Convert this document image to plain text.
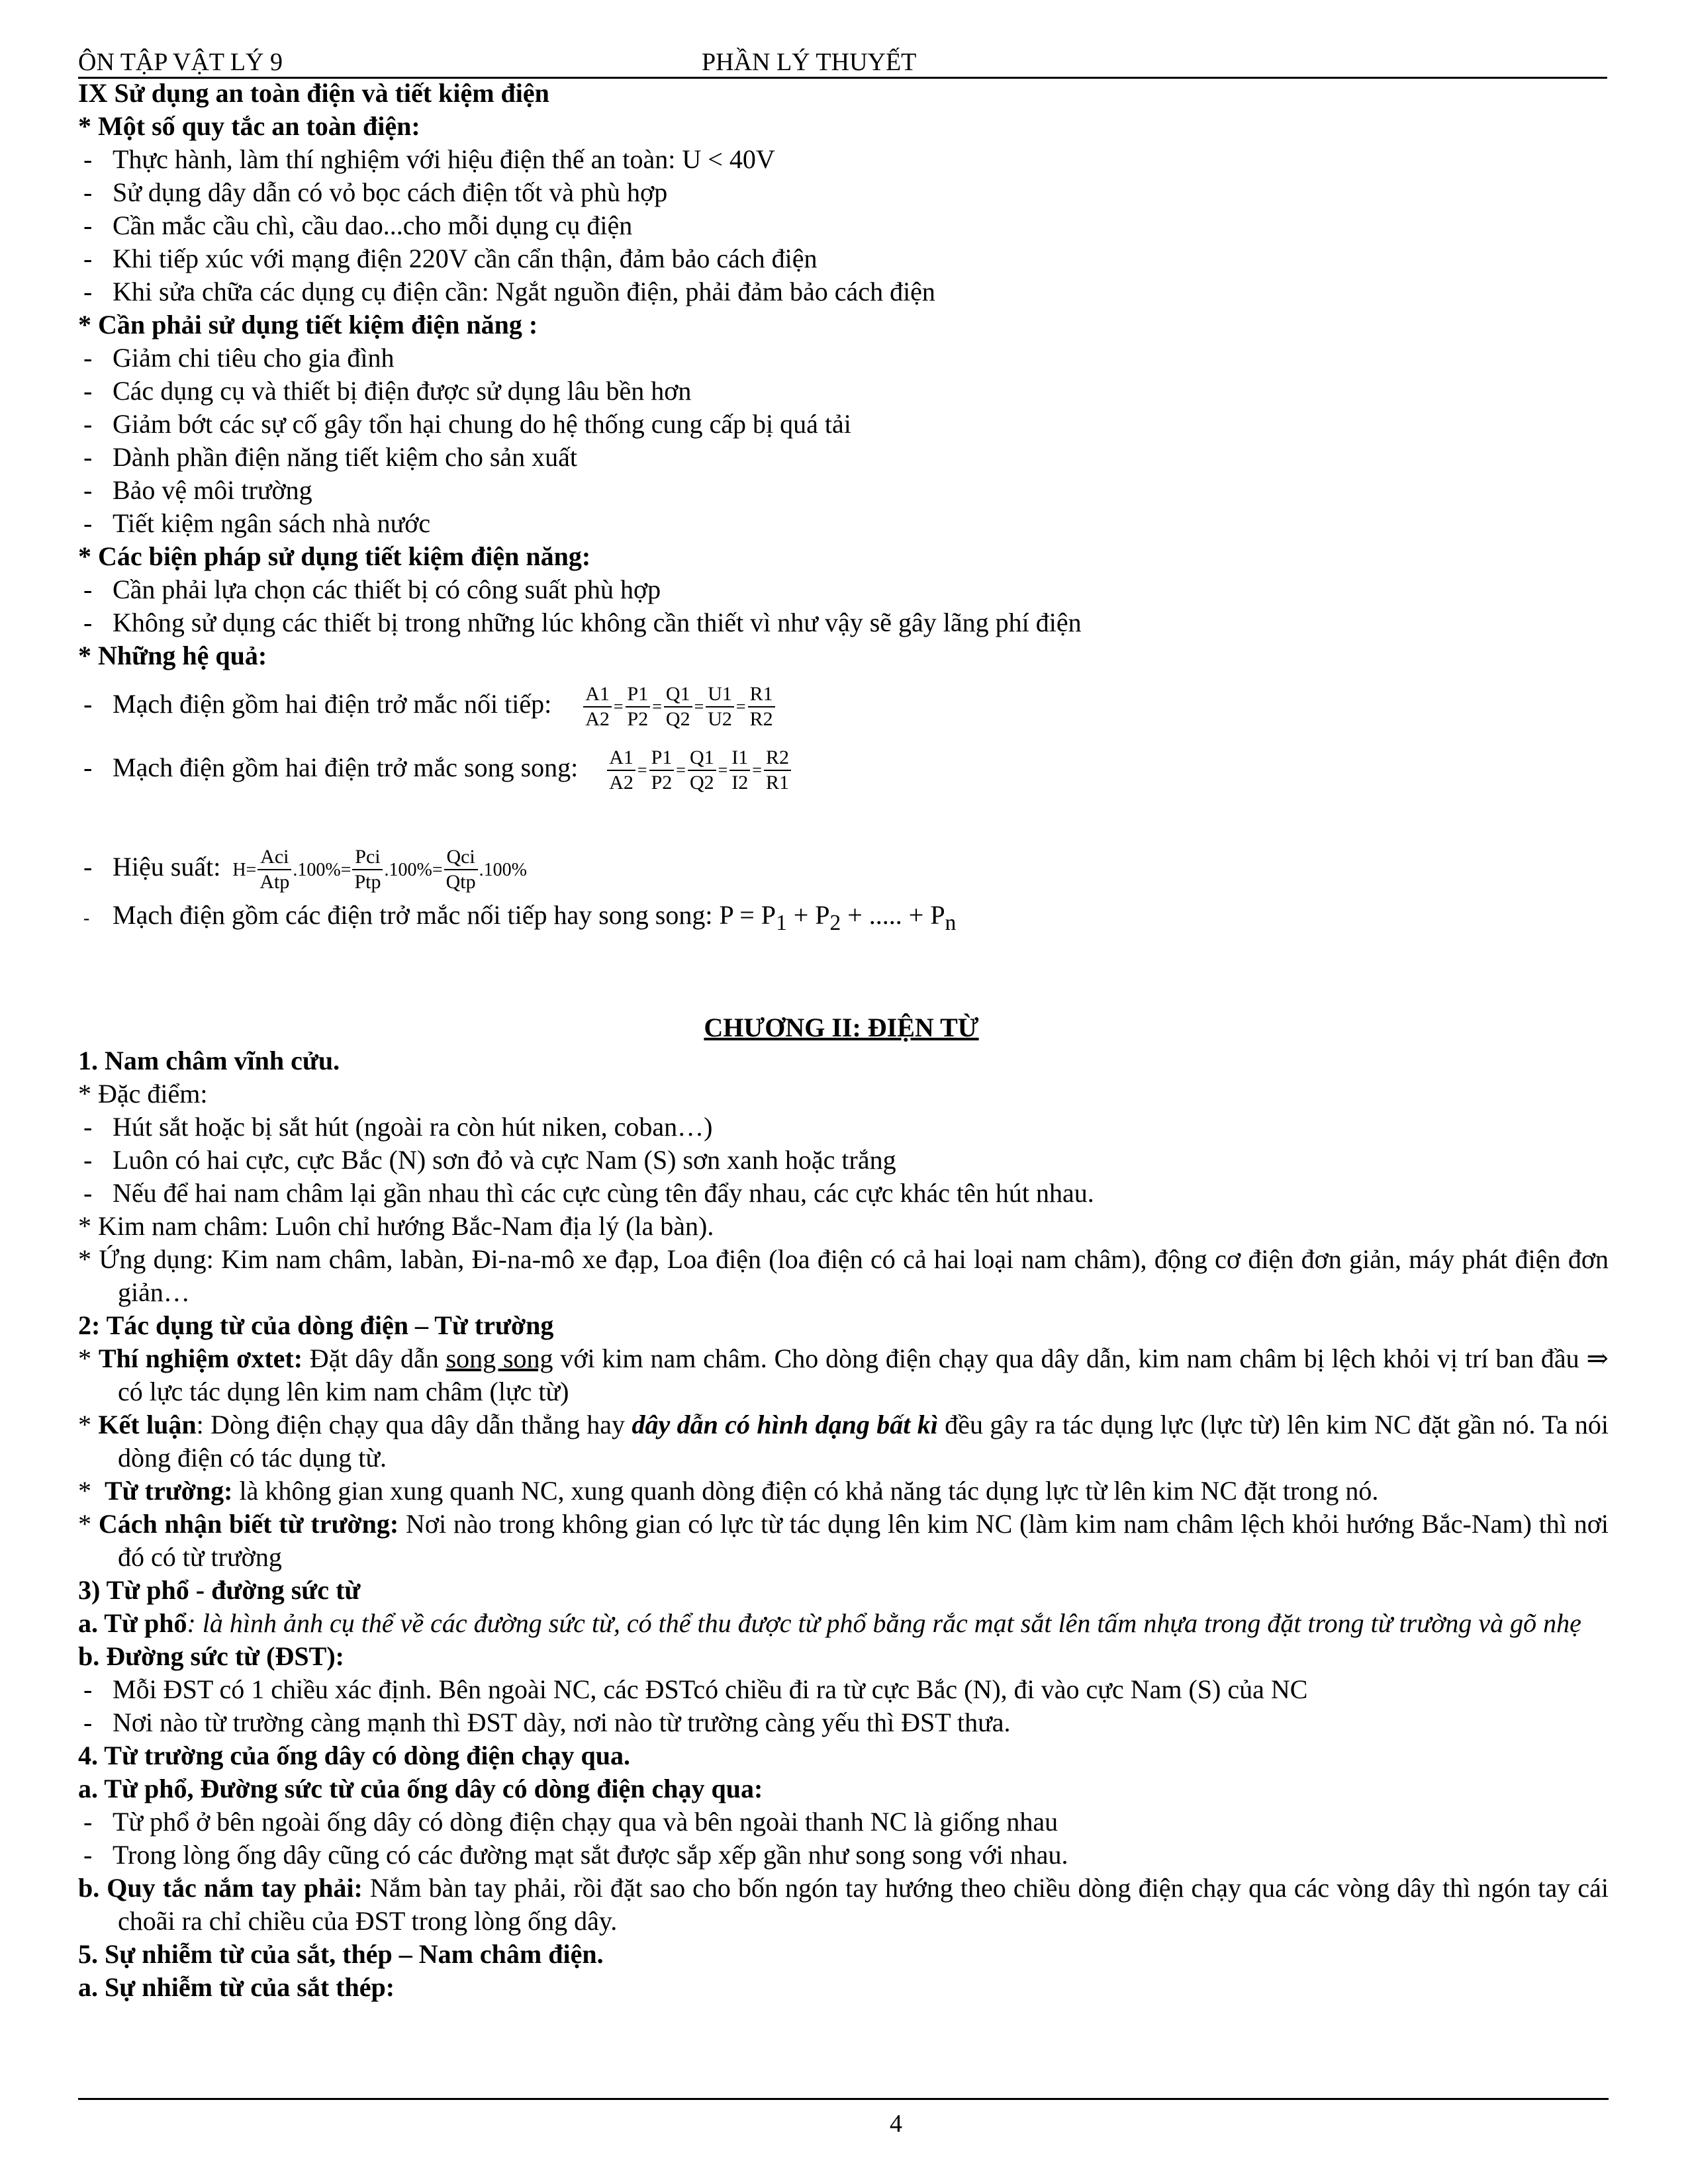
ÔN TẬP VẬT LÝ 9	PHẦN LÝ THUYẾT
IX Sử dụng an toàn điện và tiết kiệm điện
* Một số quy tắc an toàn điện:
- Thực hành, làm thí nghiệm với hiệu điện thế an toàn: U < 40V
- Sử dụng dây dẫn có vỏ bọc cách điện tốt và phù hợp
- Cần mắc cầu chì, cầu dao...cho mỗi dụng cụ điện
- Khi tiếp xúc với mạng điện 220V cần cẩn thận, đảm bảo cách điện
- Khi sửa chữa các dụng cụ điện cần: Ngắt nguồn điện, phải đảm bảo cách điện
* Cần phải sử dụng tiết kiệm điện năng :
- Giảm chi tiêu cho gia đình
- Các dụng cụ và thiết bị điện được sử dụng lâu bền hơn
- Giảm bớt các sự cố gây tổn hại chung do hệ thống cung cấp bị quá tải
- Dành phần điện năng tiết kiệm cho sản xuất
- Bảo vệ môi trường
- Tiết kiệm ngân sách nhà nước
* Các biện pháp sử dụng tiết kiệm điện năng:
- Cần phải lựa chọn các thiết bị có công suất phù hợp
- Không sử dụng các thiết bị trong những lúc không cần thiết vì như vậy sẽ gây lãng phí điện
* Những hệ quả:
- Mạch điện gồm hai điện trở mắc nối tiếp: $\frac{A1}{A2} = \frac{P1}{P2} = \frac{Q1}{Q2} = \frac{U1}{U2} = \frac{R1}{R2}$
- Mạch điện gồm hai điện trở mắc song song: $\frac{A1}{A2} = \frac{P1}{P2} = \frac{Q1}{Q2} = \frac{I1}{I2} = \frac{R2}{R1}$
- Hiệu suất: $H= \frac{\text{Aci}}{\text{Atp}} .100\%= \frac{\text{Pci}}{\text{Ptp}} .100\%= \frac{\text{Qci}}{\text{Qtp}} .100\%$
- Mạch điện gồm các điện trở mắc nối tiếp hay song song: $P = P_1 + P_2$ + ..... + $P_n$
CHƯƠNG II: ĐIỆN TỪ
1. Nam châm vĩnh cửu.
* Đặc điểm:
- Hút sắt hoặc bị sắt hút (ngoài ra còn hút niken, coban…)
- Luôn có hai cực, cực Bắc (N) sơn đỏ và cực Nam (S) sơn xanh hoặc trắng
- Nếu để hai nam châm lại gần nhau thì các cực cùng tên đẩy nhau, các cực khác tên hút nhau.
* Kim nam châm: Luôn chỉ hướng Bắc-Nam địa lý (la bàn).
* Ứng dụng: Kim nam châm, labàn, Đi-na-mô xe đạp, Loa điện (loa điện có cả hai loại nam châm), động cơ điện đơn giản, máy phát điện đơn giản…
2: Tác dụng từ của dòng điện – Từ trường
* Thí nghiệm ơxtet: Đặt dây dẫn song song với kim nam châm. Cho dòng điện chạy qua dây dẫn, kim nam châm bị lệch khỏi vị trí ban đầu ⇒ có lực tác dụng lên kim nam châm (lực từ)
* Kết luận: Dòng điện chạy qua dây dẫn thẳng hay dây dẫn có hình dạng bất kì đều gây ra tác dụng lực (lực từ) lên kim NC đặt gần nó. Ta nói dòng điện có tác dụng từ.
*  Từ trường: là không gian xung quanh NC, xung quanh dòng điện có khả năng tác dụng lực từ lên kim NC đặt trong nó.
* Cách nhận biết từ trường: Nơi nào trong không gian có lực từ tác dụng lên kim NC (làm kim nam châm lệch khỏi hướng Bắc-Nam) thì nơi đó có từ trường
3) Từ phổ - đường sức từ
a. Từ phổ: là hình ảnh cụ thể về các đường sức từ, có thể thu được từ phổ bằng rắc mạt sắt lên tấm nhựa trong đặt trong từ trường và gõ nhẹ
b. Đường sức từ (ĐST):
- Mỗi ĐST có 1 chiều xác định. Bên ngoài NC, các ĐSTcó chiều đi ra từ cực Bắc (N), đi vào cực Nam (S) của NC
- Nơi nào từ trường càng mạnh thì ĐST dày, nơi nào từ trường càng yếu thì ĐST thưa.
4. Từ trường của ống dây có dòng điện chạy qua.
a. Từ phổ, Đường sức từ của ống dây có dòng điện chạy qua:
- Từ phổ ở bên ngoài ống dây có dòng điện chạy qua và bên ngoài thanh NC là giống nhau
- Trong lòng ống dây cũng có các đường mạt sắt được sắp xếp gần như song song với nhau.
b. Quy tắc nắm tay phải: Nắm bàn tay phải, rồi đặt sao cho bốn ngón tay hướng theo chiều dòng điện chạy qua các vòng dây thì ngón tay cái choãi ra chỉ chiều của ĐST trong lòng ống dây.
5. Sự nhiễm từ của sắt, thép – Nam châm điện.
a. Sự nhiễm từ của sắt thép:
4
